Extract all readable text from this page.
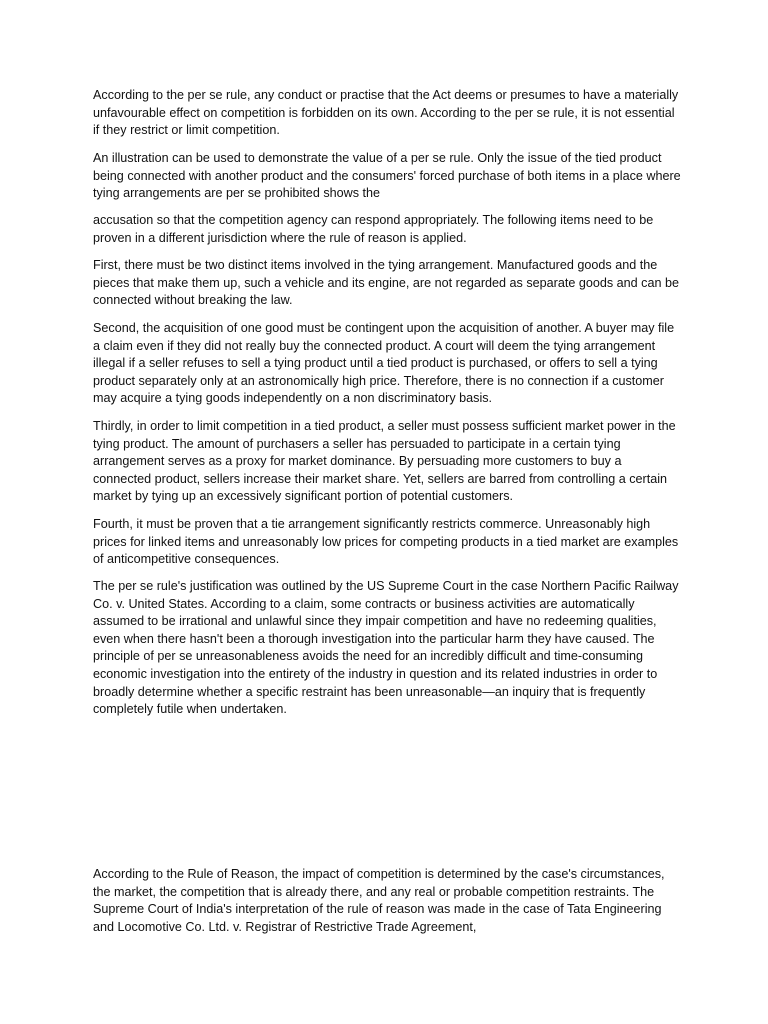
According to the per se rule, any conduct or practise that the Act deems or presumes to have a materially unfavourable effect on competition is forbidden on its own. According to the per se rule, it is not essential if they restrict or limit competition.

An illustration can be used to demonstrate the value of a per se rule. Only the issue of the tied product being connected with another product and the consumers' forced purchase of both items in a place where tying arrangements are per se prohibited shows the

accusation so that the competition agency can respond appropriately. The following items need to be proven in a different jurisdiction where the rule of reason is applied.

First, there must be two distinct items involved in the tying arrangement. Manufactured goods and the pieces that make them up, such a vehicle and its engine, are not regarded as separate goods and can be connected without breaking the law.

Second, the acquisition of one good must be contingent upon the acquisition of another. A buyer may file a claim even if they did not really buy the connected product. A court will deem the tying arrangement illegal if a seller refuses to sell a tying product until a tied product is purchased, or offers to sell a tying product separately only at an astronomically high price. Therefore, there is no connection if a customer may acquire a tying goods independently on a non discriminatory basis.

Thirdly, in order to limit competition in a tied product, a seller must possess sufficient market power in the tying product. The amount of purchasers a seller has persuaded to participate in a certain tying arrangement serves as a proxy for market dominance. By persuading more customers to buy a connected product, sellers increase their market share. Yet, sellers are barred from controlling a certain market by tying up an excessively significant portion of potential customers.

Fourth, it must be proven that a tie arrangement significantly restricts commerce. Unreasonably high prices for linked items and unreasonably low prices for competing products in a tied market are examples of anticompetitive consequences.

The per se rule's justification was outlined by the US Supreme Court in the case Northern Pacific Railway Co. v. United States. According to a claim, some contracts or business activities are automatically assumed to be irrational and unlawful since they impair competition and have no redeeming qualities, even when there hasn't been a thorough investigation into the particular harm they have caused. The principle of per se unreasonableness avoids the need for an incredibly difficult and time-consuming economic investigation into the entirety of the industry in question and its related industries in order to broadly determine whether a specific restraint has been unreasonable—an inquiry that is frequently completely futile when undertaken.

According to the Rule of Reason, the impact of competition is determined by the case's circumstances, the market, the competition that is already there, and any real or probable competition restraints. The Supreme Court of India's interpretation of the rule of reason was made in the case of Tata Engineering and Locomotive Co. Ltd. v. Registrar of Restrictive Trade Agreement,
